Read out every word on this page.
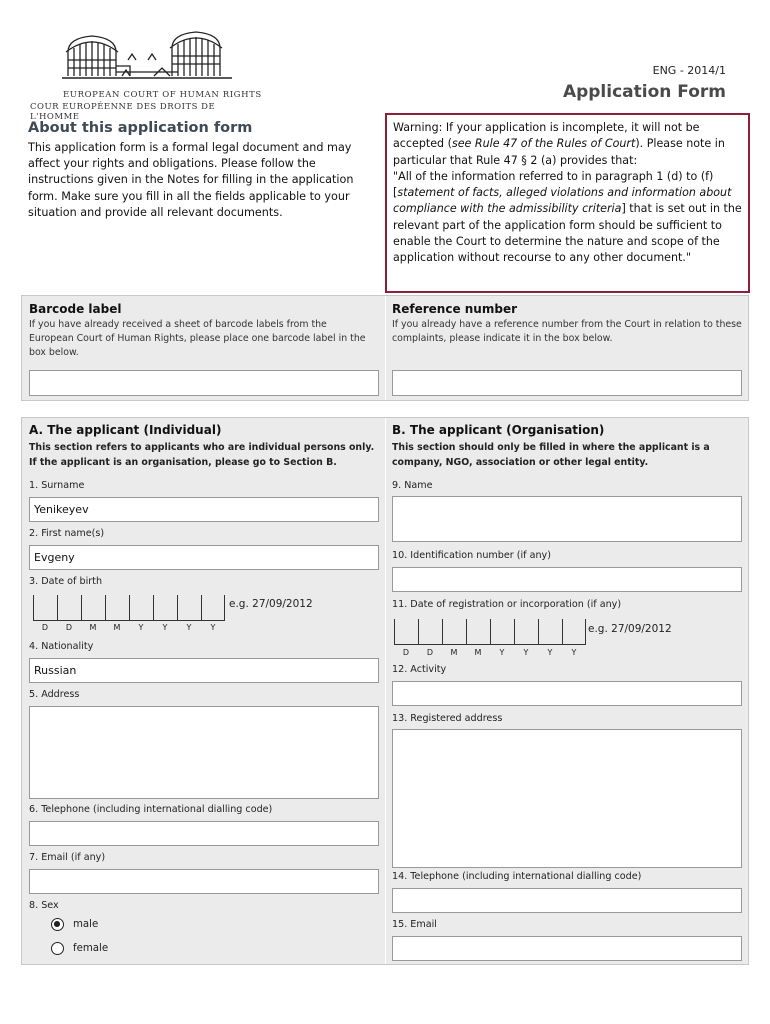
EUROPEAN COURT OF HUMAN RIGHTS
COUR EUROPÉENNE DES DROITS DE L'HOMME
ENG - 2014/1
Application Form
About this application form
This application form is a formal legal document and may affect your rights and obligations. Please follow the instructions given in the Notes for filling in the application form. Make sure you fill in all the fields applicable to your situation and provide all relevant documents.
Warning: If your application is incomplete, it will not be accepted (see Rule 47 of the Rules of Court). Please note in particular that Rule 47 § 2 (a) provides that:
"All of the information referred to in paragraph 1 (d) to (f) [statement of facts, alleged violations and information about compliance with the admissibility criteria] that is set out in the relevant part of the application form should be sufficient to enable the Court to determine the nature and scope of the application without recourse to any other document."
Barcode label
If you have already received a sheet of barcode labels from the European Court of Human Rights, please place one barcode label in the box below.
Reference number
If you already have a reference number from the Court in relation to these complaints, please indicate it in the box below.
A. The applicant (Individual)
This section refers to applicants who are individual persons only. If the applicant is an organisation, please go to Section B.
1. Surname
Yenikeyev
2. First name(s)
Evgeny
3. Date of birth
e.g. 27/09/2012
D	D	M	M	Y	Y	Y	Y
4. Nationality
Russian
5. Address
6. Telephone (including international dialling code)
7. Email (if any)
8. Sex
male
female
B. The applicant (Organisation)
This section should only be filled in where the applicant is a company, NGO, association or other legal entity.
9. Name
10. Identification number (if any)
11. Date of registration or incorporation (if any)
e.g. 27/09/2012
D	D	M	M	Y	Y	Y	Y
12. Activity
13. Registered address
14. Telephone (including international dialling code)
15. Email
